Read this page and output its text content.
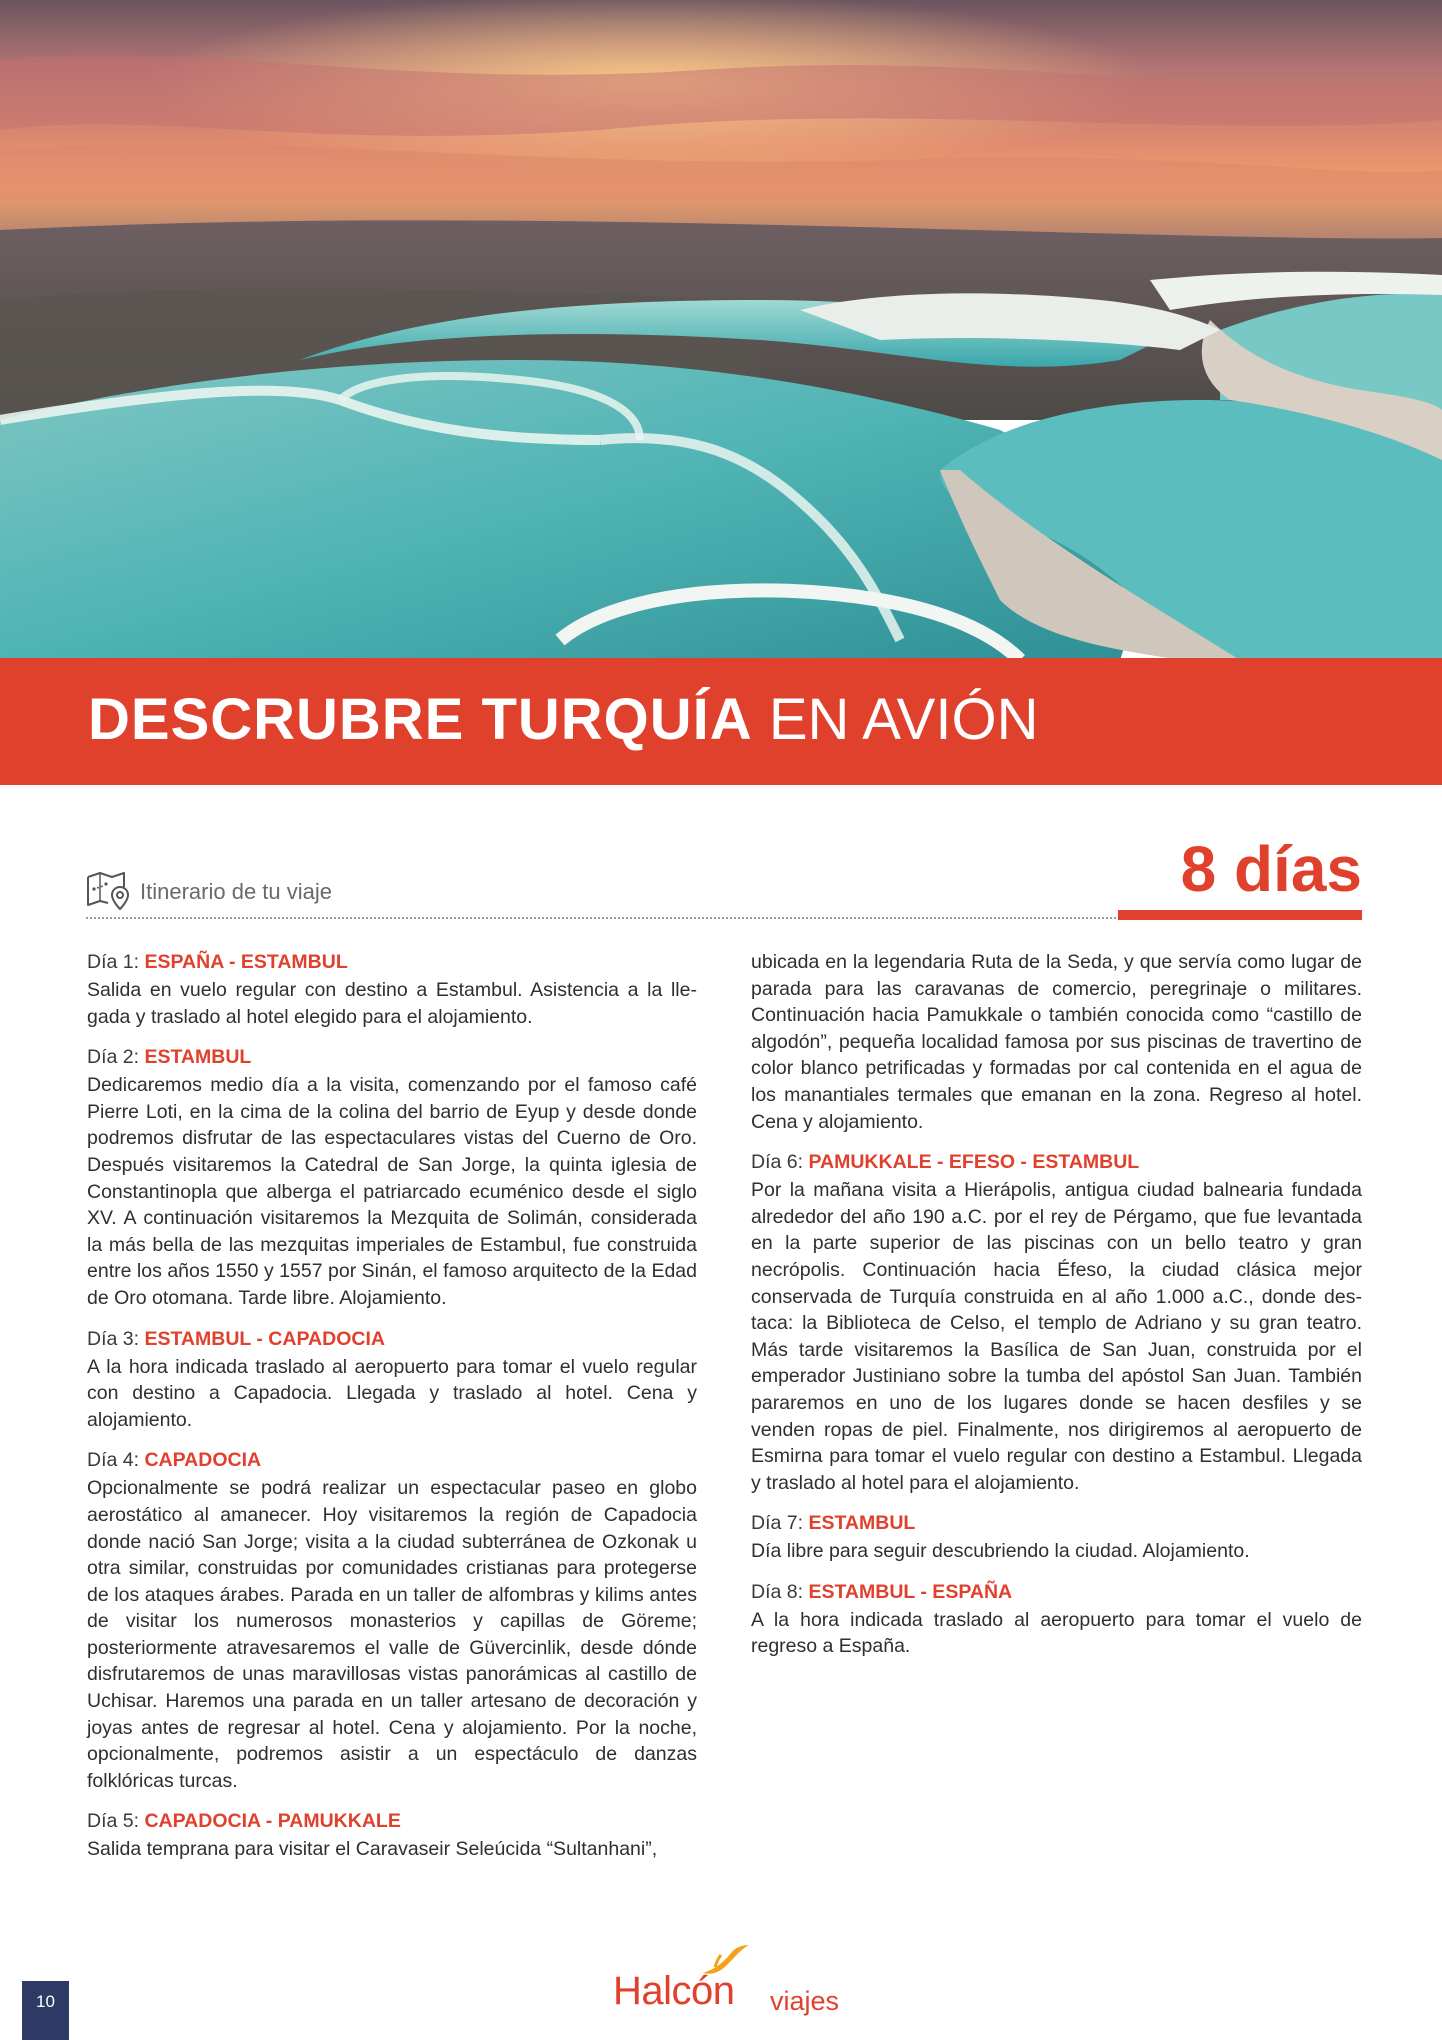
DESCRUBRE TURQUÍA EN AVIÓN
Itinerario de tu viaje	8 días

Día 1: ESPAÑA - ESTAMBUL

Salida en vuelo regular con destino a Estambul. Asistencia a la llegada y traslado al hotel elegido para el alojamiento.

Día 2: ESTAMBUL

Dedicaremos medio día a la visita, comenzando por el famoso café Pierre Loti, en la cima de la colina del barrio de Eyup y desde donde podremos disfrutar de las espectaculares vistas del Cuerno de Oro. Después visitaremos la Catedral de San Jorge, la quinta iglesia de Constantinopla que alberga el patriarcado ecuménico desde el siglo XV. A continuación visitaremos la Mezquita de Solimán, considerada la más bella de las mezquitas imperiales de Estambul, fue construida entre los años 1550 y 1557 por Sinán, el famoso arquitecto de la Edad de Oro otomana. Tarde libre. Alojamiento.

Día 3: ESTAMBUL - CAPADOCIA

A la hora indicada traslado al aeropuerto para tomar el vuelo regular con destino a Capadocia. Llegada y traslado al hotel. Cena y alojamiento.

Día 4: CAPADOCIA

Opcionalmente se podrá realizar un espectacular paseo en globo aerostático al amanecer. Hoy visitaremos la región de Capadocia donde nació San Jorge; visita a la ciudad subterránea de Ozkonak u otra similar, construidas por comunidades cristianas para protegerse de los ataques árabes. Parada en un taller de alfombras y kilims antes de visitar los numerosos monasterios y capillas de Göreme; posteriormente atravesaremos el valle de Güvercinlik, desde dónde disfrutaremos de unas maravillosas vistas panorámicas al castillo de Uchisar. Haremos una parada en un taller artesano de decoración y joyas antes de regresar al hotel. Cena y alojamiento. Por la noche, opcionalmente, podremos asistir a un espectáculo de danzas folklóricas turcas.

Día 5: CAPADOCIA - PAMUKKALE

Salida temprana para visitar el Caravaseir Seleúcida “Sultanhani”,

ubicada en la legendaria Ruta de la Seda, y que servía como lugar de parada para las caravanas de comercio, peregrinaje o militares. Continuación hacia Pamukkale o también conocida como “castillo de algodón”, pequeña localidad famosa por sus piscinas de travertino de color blanco petrificadas y formadas por cal contenida en el agua de los manantiales termales que emanan en la zona. Regreso al hotel. Cena y alojamiento.

Día 6: PAMUKKALE - EFESO - ESTAMBUL

Por la mañana visita a Hierápolis, antigua ciudad balnearia fundada alrededor del año 190 a.C. por el rey de Pérgamo, que fue levantada en la parte superior de las piscinas con un bello teatro y gran necrópolis. Continuación hacia Éfeso, la ciudad clásica mejor conservada de Turquía construida en al año 1.000 a.C., donde destaca: la Biblioteca de Celso, el templo de Adriano y su gran teatro. Más tarde visitaremos la Basílica de San Juan, construida por el emperador Justiniano sobre la tumba del apóstol San Juan. También pararemos en uno de los lugares donde se hacen desfiles y se venden ropas de piel. Finalmente, nos dirigiremos al aeropuerto de Esmirna para tomar el vuelo regular con destino a Estambul. Llegada y traslado al hotel para el alojamiento.

Día 7: ESTAMBUL

Día libre para seguir descubriendo la ciudad. Alojamiento.

Día 8: ESTAMBUL - ESPAÑA

A la hora indicada traslado al aeropuerto para tomar el vuelo de regreso a España.

10	Halcón viajes
